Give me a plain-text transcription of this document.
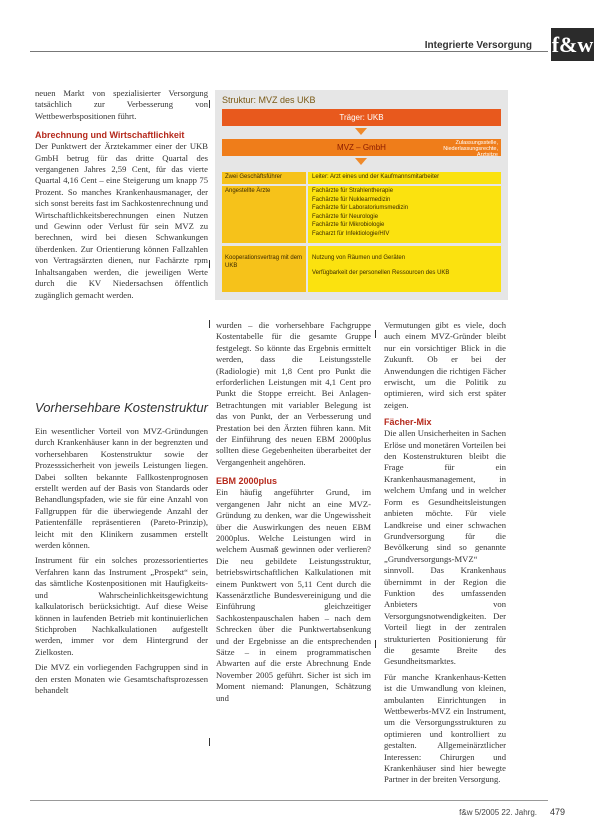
Integrierte Versorgung f&w

neuen Markt von spezialisierter Versorgung tatsächlich zur Verbesserung von Wettbewerbspositionen führt.

Abrechnung und Wirtschaftlichkeit

Der Punktwert der Ärztekammer einer der UKB GmbH betrug für das dritte Quartal des vergangenen Jahres 2,59 Cent, für das vierte Quartal 4,16 Cent – eine Steigerung um knapp 75 Prozent. So manches Krankenhausmanager, der sich sonst bereits fast im Sachkostenrechnung und Wirtschaftlichkeitsberechnungen einen Nutzen und Gewinn oder Verlust für sein MVZ zu berechnen, wird bei diesen Schwankungen überdenken. Zur Orientierung können Fallzahlen von Vertragsärzten dienen, nur Fachärzte rpm Inhaltsangaben werden, die jeweiligen Werte durch die KV Niedersachsen öffentlich zugänglich gemacht werden.

Vorhersehbare Kostenstruktur

Ein wesentlicher Vorteil von MVZ-Gründungen durch Krankenhäuser kann in der begrenzten und vorhersehbaren Kostenstruktur sowie der Prozesssicherheit von jeweils Leistungen liegen. Dabei sollten bekannte Fallkostenprognosen erstellt werden auf der Basis von Standards oder Behandlungspfaden, wie sie für eine Anzahl von Fallgruppen für die überwiegende Anzahl der Patientenfälle repräsentieren (Pareto-Prinzip), leicht mit den Klinikern zusammen erstellt werden können.

Instrument für ein solches prozessorientiertes Verfahren kann das Instrument „Prospekt“ sein, das sämtliche Kostenpositionen mit Haufigkeits- und Wahrscheinlichkeitsgewichtung kalkulatorisch berücksichtigt. Auf diese Weise können in laufenden Betrieb mit kontinuierlichen Stichproben Nachkalkulationen aufgestellt werden, immer vor dem Hintergrund der Zielkosten.

Die MVZ ein vorliegenden Fachgruppen sind in den ersten Monaten wie Gesamtschaftsprozessen behandelt

Struktur: MVZ des UKB
Träger: UKB
MVZ – GmbH	Zulassungsstelle, Niederlassungsrechte, Arztsitze
Zwei Geschäftsführer	Leiter: Arzt eines und der Kaufmannsmitarbeiter
Angestellte Ärzte	Fachärzte für Strahlentherapie
Fachärzte für Nuklearmedizin
Fachärzte für Laboratoriumsmedizin
Fachärzte für Neurologie
Fachärzte für Mikrobiologie
Facharzt für Infektiologie/HIV
Kooperationsvertrag mit dem UKB
Nutzung von Räumen und Geräten
Verfügbarkeit der personellen Ressourcen des UKB

wurden – die vorhersehbare Fachgruppe Kostentabelle für die gesamte Gruppe festgelegt. So könnte das Ergebnis ermittelt werden, dass die Leistungsstelle (Radiologie) mit 1,8 Cent pro Punkt die erforderlichen Leistungen mit 4,1 Cent pro Punkt die Stoppe erreicht. Bei Anlagen-Betrachtungen mit variabler Belegung ist das von Punkt, der an Verbesserung und Prestation bei den Ärzten führen kann. Mit der Einführung des neuen EBM 2000plus sollten diese Gegebenheiten überarbeitet der Vergangenheit angehören.

EBM 2000plus

Ein häufig angeführter Grund, im vergangenen Jahr nicht an eine MVZ-Gründung zu denken, war die Ungewissheit über die Auswirkungen des neuen EBM 2000plus. Welche Leistungen wird in welchem Ausmaß gewinnen oder verlieren? Die neu gebildete Leistungsstruktur, betriebswirtschaftlichen Kalkulationen mit einem Punktwert von 5,11 Cent durch die Kassenärztliche Bundesvereinigung und die Einführung gleichzeitiger Sachkostenpauschalen haben – nach dem Schrecken über die Punktwertabsenkung und der Ergebnisse an die entsprechenden Sätze – in einem programmatischen Abwarten auf die erste Abrechnung Ende November 2005 geführt. Sicher ist sich im Moment niemand: Planungen, Schätzung und

Vermutungen gibt es viele, doch auch einem MVZ-Gründer bleibt nur ein vorsichtiger Blick in die Zukunft. Ob er bei der Anwendungen die richtigen Fächer erwischt, um die Politik zu optimieren, wird sich erst später zeigen.

Fächer-Mix

Die allen Unsicherheiten in Sachen Erlöse und monetären Vorteilen bei den Kostenstrukturen bleibt die Frage für ein Krankenhausmanagement, in welchem Umfang und in welcher Form es Gesundheitsleistungen anbieten möchte. Für viele Landkreise und einer schwachen Grundversorgung für die Bevölkerung sind so genannte „Grundversorgungs-MVZ“ sinnvoll. Das Krankenhaus übernimmt in der Region die Funktion des umfassenden Anbieters von Versorgungsnotwendigkeiten. Der Vorteil liegt in der zentralen strukturierten Positionierung für die gesamte Breite des Gesundheitsmarktes.

Für manche Krankenhaus-Ketten ist die Umwandlung von kleinen, ambulanten Einrichtungen in Wettbewerbs-MVZ ein Instrument, um die Versorgungsstrukturen zu optimieren und kontrolliert zu gestalten. Allgemeinärztlicher Interessen: Chirurgen und Krankenhäuser sind hier bewegte Partner in der breiten Versorgung.

f&w 5/2005 22. Jahrg. 479
